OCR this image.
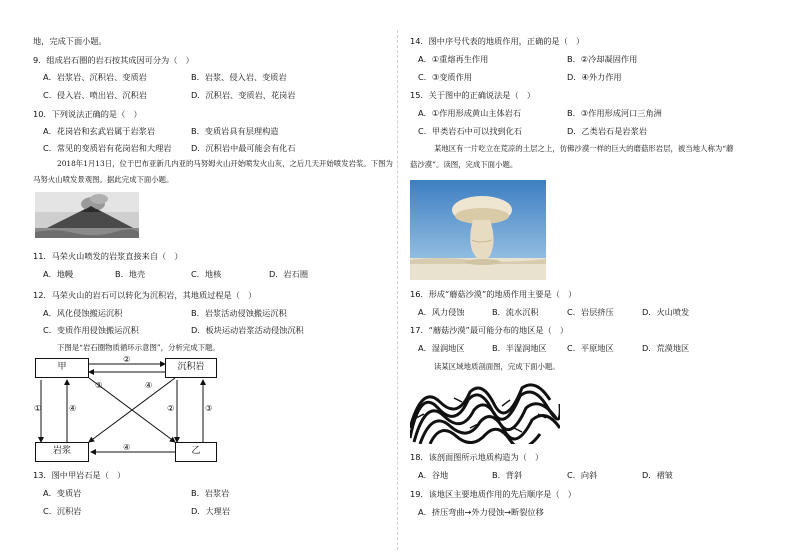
地，完成下面小题。
9．组成岩石圈的岩石按其成因可分为（　）
A．岩浆岩、沉积岩、变质岩	B．岩浆、侵入岩、变质岩
C．侵入岩、喷出岩、沉积岩	D．沉积岩、变质岩、花岗岩
10．下列说法正确的是（　）
A．花岗岩和玄武岩属于岩浆岩	B．变质岩具有层理构造
C．常见的变质岩有花岗岩和大理岩 D．沉积岩中最可能会有化石
2018年1月13日，位于巴布亚新几内亚的马努姆火山开始喷发火山灰，之后几天开始喷发岩浆。下图为
马努火山喷发景观图。据此完成下面小题。
11．马荣火山喷发的岩浆直接来自（　）
A．地幔	B．地壳	C．地核	D．岩石圈
12．马荣火山的岩石可以转化为沉积岩，其地质过程是（　）
A．风化侵蚀搬运沉积	B．岩浆活动侵蚀搬运沉积
C．变质作用侵蚀搬运沉积	D．板块运动岩浆活动侵蚀沉积
下图是“岩石圈物质循环示意图”，分析完成下题。
甲	沉积岩
岩浆	乙
②
③	④
①	④	②	③
④
13．图中甲岩石是（　）
A．变质岩	B．岩浆岩
C．沉积岩	D．大理岩
14．图中序号代表的地质作用，正确的是（　）
A．①重熔再生作用	B．②冷却凝固作用
C．③变质作用	D．④外力作用
15．关于图中的正确说法是（　）
A．①作用形成黄山主体岩石	B．③作用形成河口三角洲
C．甲类岩石中可以找到化石	D．乙类岩石是岩浆岩
某地区有一片吃立在荒凉的土层之上，仿佛沙漠一样的巨大的磨菇形岩层，被当地人称为“蘑
菇沙漠”。读图，完成下面小题。
16．形成“蘑菇沙漠”的地质作用主要是（　）
A．风力侵蚀	B．流水沉积	C．岩层挤压	D．火山喷发
17．“蘑菇沙漠”最可能分布的地区是（　）
A．湿润地区	B．半湿润地区 C．平原地区	D．荒漠地区
读某区域地质剖面图，完成下面小题。
18．该剖面图所示地质构造为（　）
A．谷地	B．背斜	C．向斜	D．褶皱
19．该地区主要地质作用的先后顺序是（　）
A．挤压弯曲→外力侵蚀→断裂位移
